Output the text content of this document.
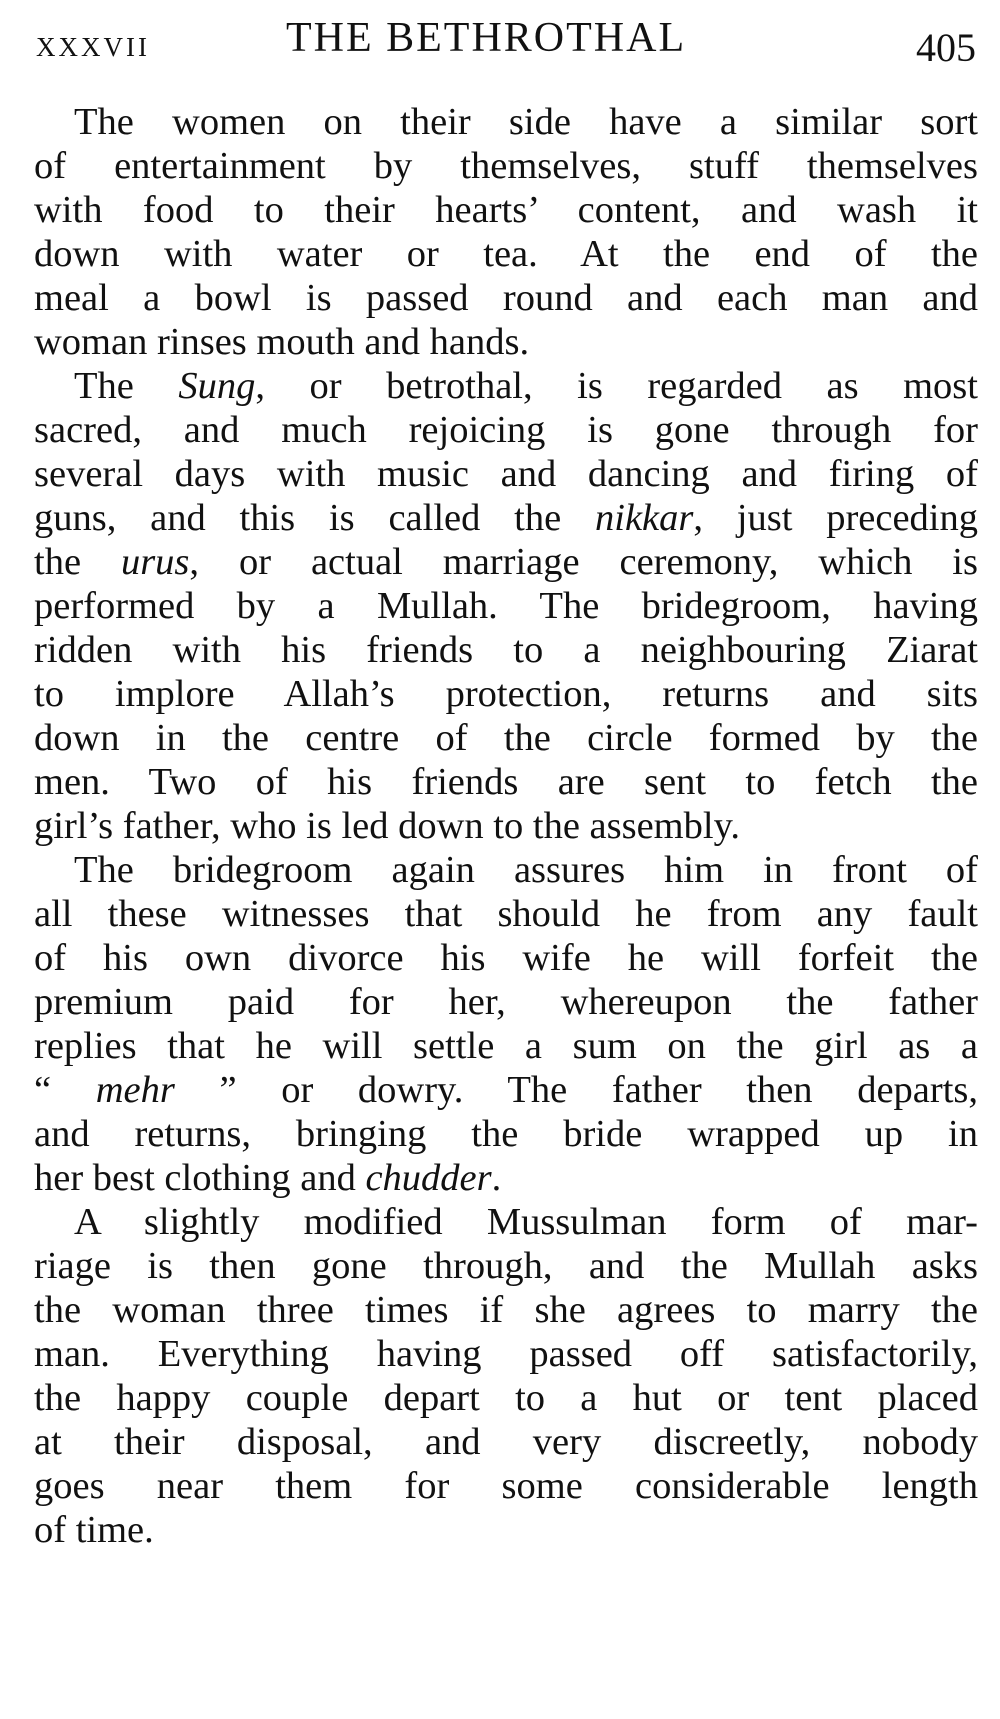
XXXVII	THE BETHROTHAL	405
The women on their side have a similar sort
of entertainment by themselves, stuff themselves
with food to their hearts’ content, and wash it
down with water or tea. At the end of the
meal a bowl is passed round and each man and
woman rinses mouth and hands.
The Sung, or betrothal, is regarded as most
sacred, and much rejoicing is gone through for
several days with music and dancing and firing of
guns, and this is called the nikkar, just preceding
the urus, or actual marriage ceremony, which is
performed by a Mullah. The bridegroom, having
ridden with his friends to a neighbouring Ziarat
to implore Allah’s protection, returns and sits
down in the centre of the circle formed by the
men. Two of his friends are sent to fetch the
girl’s father, who is led down to the assembly.
The bridegroom again assures him in front of
all these witnesses that should he from any fault
of his own divorce his wife he will forfeit the
premium paid for her, whereupon the father
replies that he will settle a sum on the girl as a
“ mehr ” or dowry. The father then departs,
and returns, bringing the bride wrapped up in
her best clothing and chudder.
A slightly modified Mussulman form of mar-
riage is then gone through, and the Mullah asks
the woman three times if she agrees to marry the
man. Everything having passed off satisfactorily,
the happy couple depart to a hut or tent placed
at their disposal, and very discreetly, nobody
goes near them for some considerable length
of time.
